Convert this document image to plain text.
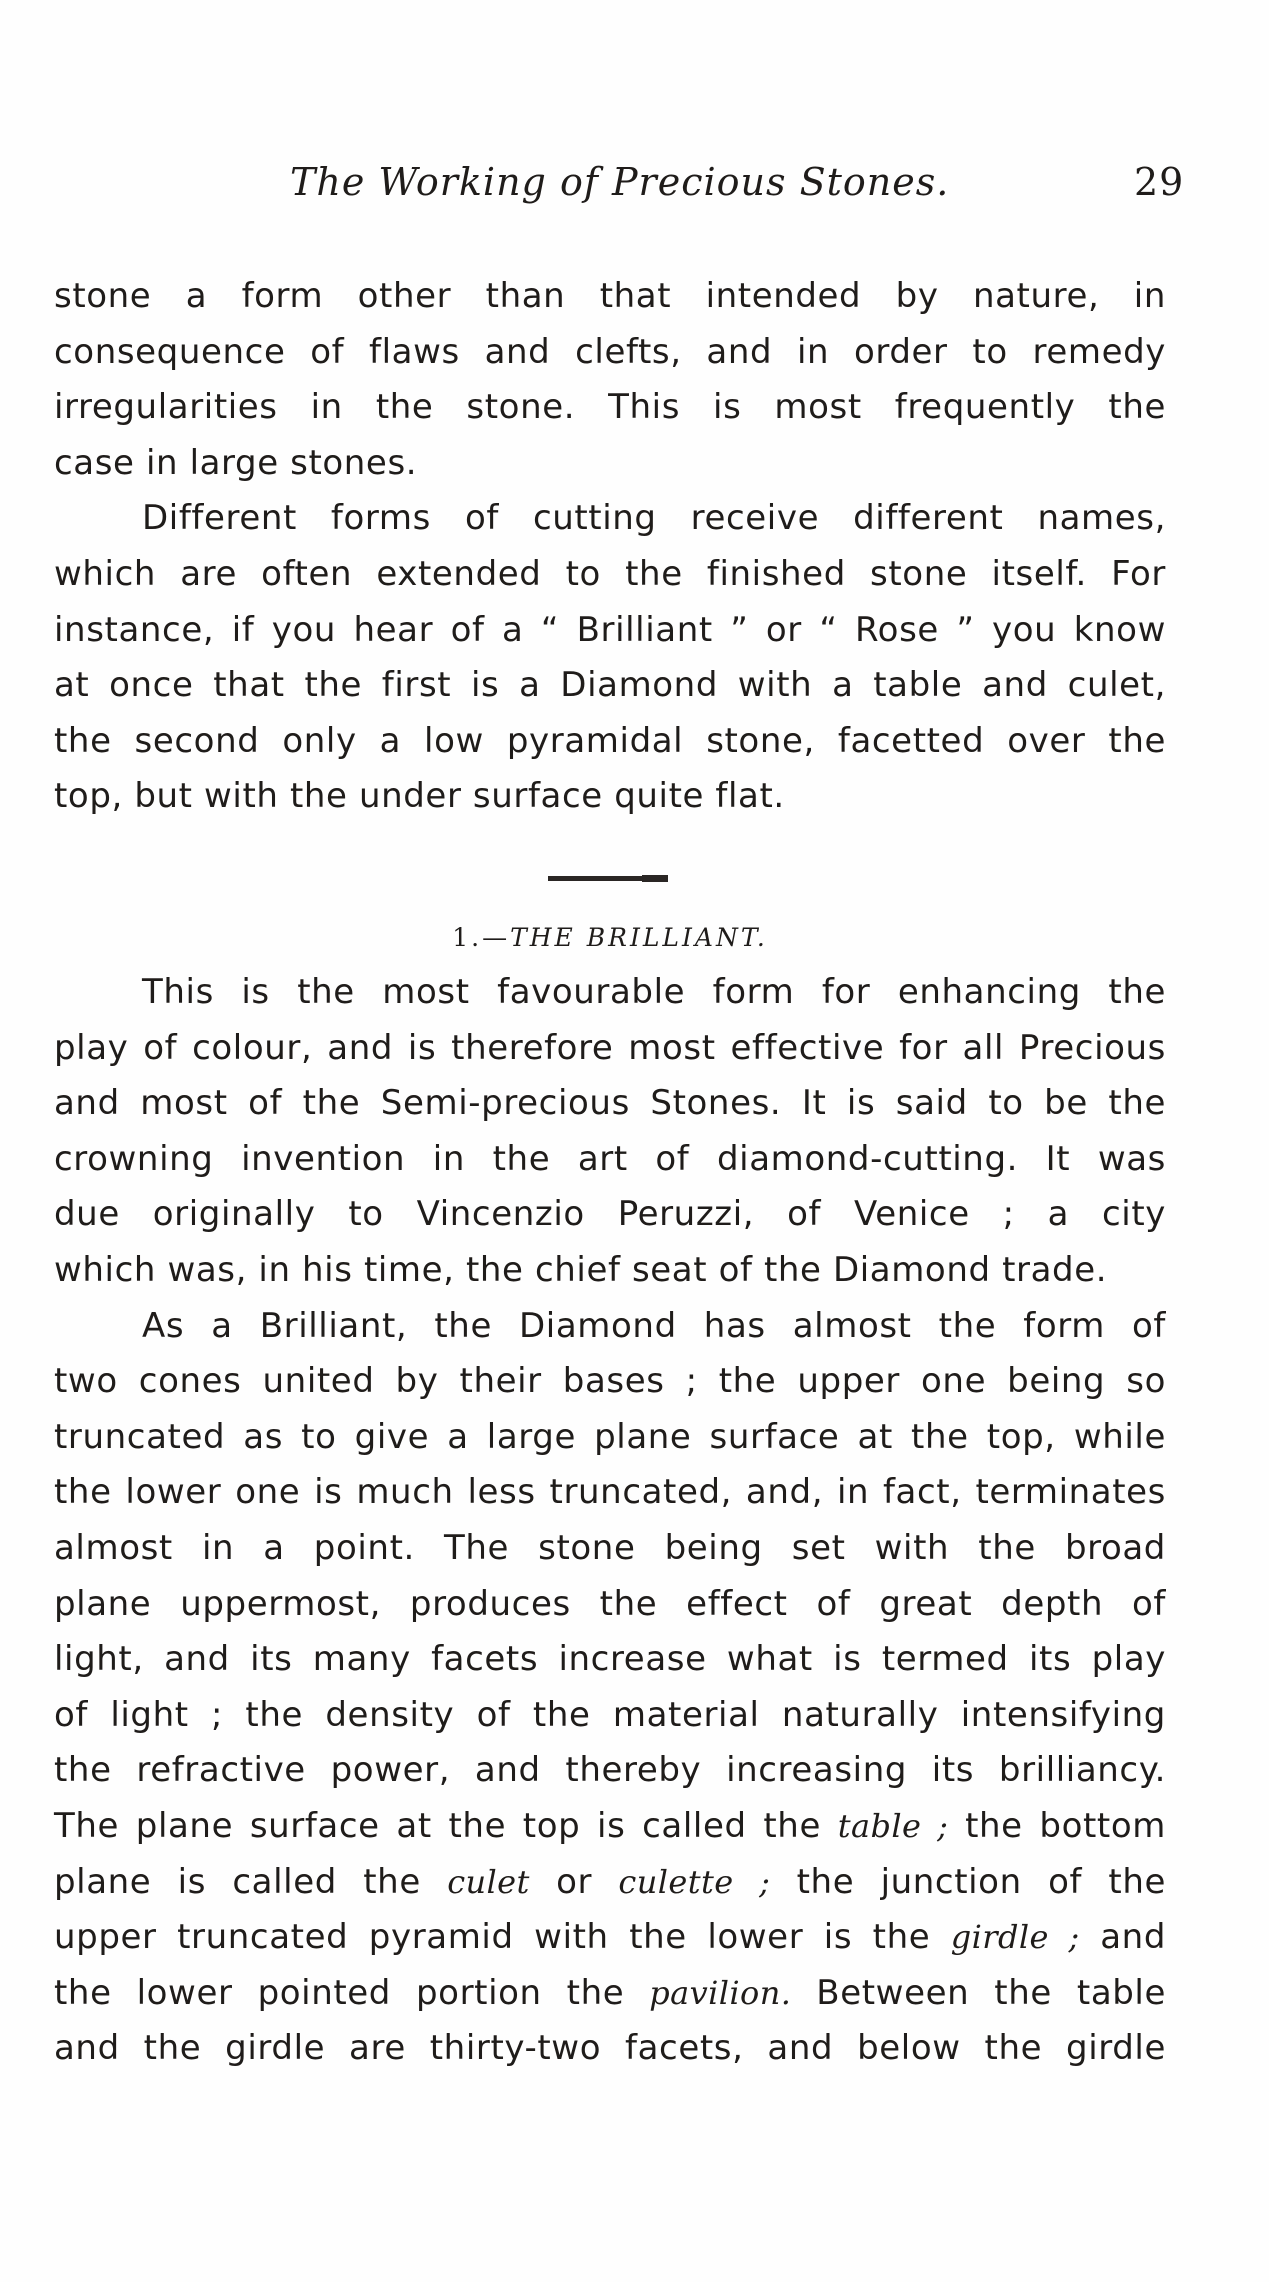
The Working of Precious Stones.	29
stone a form other than that intended by nature, in
consequence of flaws and clefts, and in order to remedy
irregularities in the stone. This is most frequently the
case in large stones.
Different forms of cutting receive different names,
which are often extended to the finished stone itself. For
instance, if you hear of a “ Brilliant ” or “ Rose ” you know
at once that the first is a Diamond with a table and culet,
the second only a low pyramidal stone, facetted over the
top, but with the under surface quite flat.
1.—THE BRILLIANT.
This is the most favourable form for enhancing the
play of colour, and is therefore most effective for all Precious
and most of the Semi-precious Stones. It is said to be the
crowning invention in the art of diamond-cutting. It was
due originally to Vincenzio Peruzzi, of Venice ; a city
which was, in his time, the chief seat of the Diamond trade.
As a Brilliant, the Diamond has almost the form of
two cones united by their bases ; the upper one being so
truncated as to give a large plane surface at the top, while
the lower one is much less truncated, and, in fact, terminates
almost in a point. The stone being set with the broad
plane uppermost, produces the effect of great depth of
light, and its many facets increase what is termed its play
of light ; the density of the material naturally intensifying
the refractive power, and thereby increasing its brilliancy.
The plane surface at the top is called the table ; the bottom
plane is called the culet or culette ; the junction of the
upper truncated pyramid with the lower is the girdle ; and
the lower pointed portion the pavilion. Between the table
and the girdle are thirty-two facets, and below the girdle
